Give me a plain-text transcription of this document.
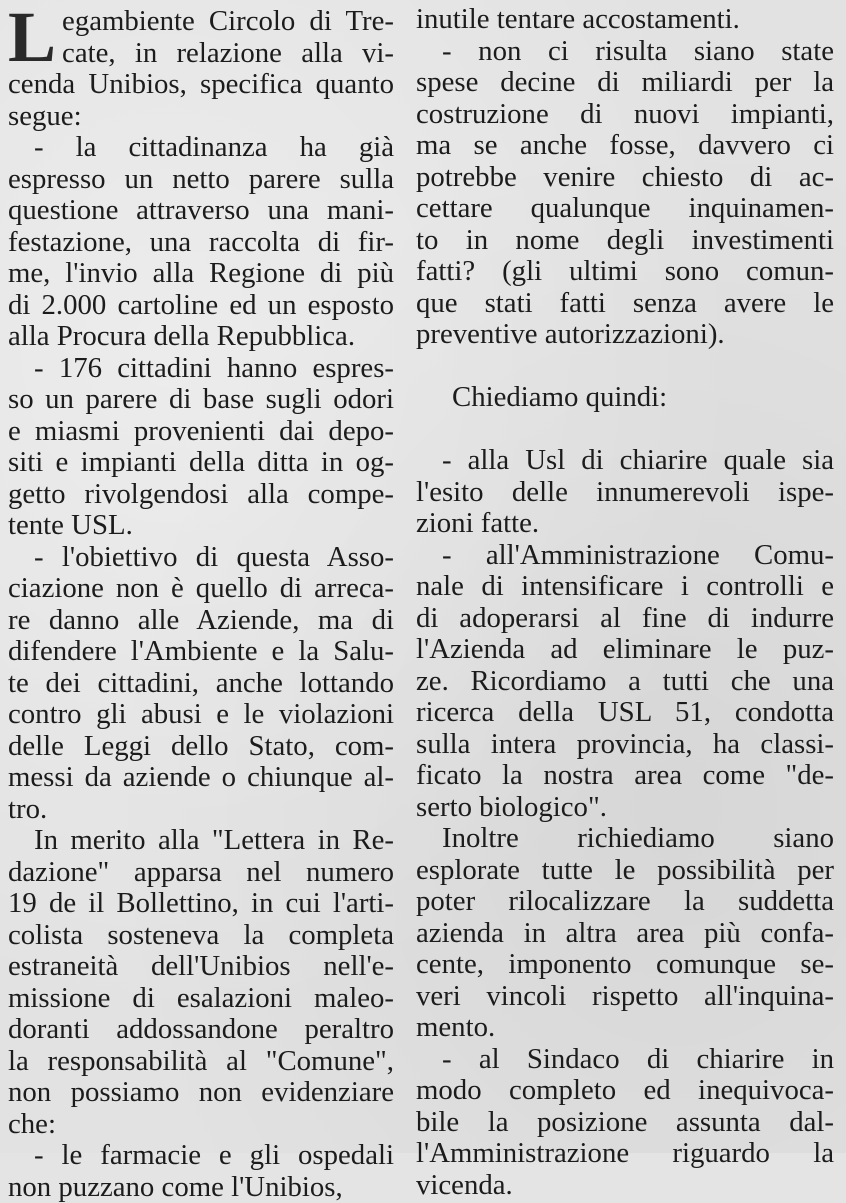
L egambiente Circolo di Tre-
cate, in relazione alla vi-
cenda Unibios, specifica quanto
segue:
- la cittadinanza ha già
espresso un netto parere sulla
questione attraverso una mani-
festazione, una raccolta di fir-
me, l'invio alla Regione di più
di 2.000 cartoline ed un esposto
alla Procura della Repubblica.
- 176 cittadini hanno espres-
so un parere di base sugli odori
e miasmi provenienti dai depo-
siti e impianti della ditta in og-
getto rivolgendosi alla compe-
tente USL.
- l'obiettivo di questa Asso-
ciazione non è quello di arreca-
re danno alle Aziende, ma di
difendere l'Ambiente e la Salu-
te dei cittadini, anche lottando
contro gli abusi e le violazioni
delle Leggi dello Stato, com-
messi da aziende o chiunque al-
tro.
In merito alla "Lettera in Re-
dazione" apparsa nel numero
19 de il Bollettino, in cui l'arti-
colista sosteneva la completa
estraneità dell'Unibios nell'e-
missione di esalazioni maleo-
doranti addossandone peraltro
la responsabilità al "Comune",
non possiamo non evidenziare
che:
- le farmacie e gli ospedali
non puzzano come l'Unibios,
inutile tentare accostamenti.
- non ci risulta siano state
spese decine di miliardi per la
costruzione di nuovi impianti,
ma se anche fosse, davvero ci
potrebbe venire chiesto di ac-
cettare qualunque inquinamen-
to in nome degli investimenti
fatti? (gli ultimi sono comun-
que stati fatti senza avere le
preventive autorizzazioni).
Chiediamo quindi:
- alla Usl di chiarire quale sia
l'esito delle innumerevoli ispe-
zioni fatte.
- all'Amministrazione Comu-
nale di intensificare i controlli e
di adoperarsi al fine di indurre
l'Azienda ad eliminare le puz-
ze. Ricordiamo a tutti che una
ricerca della USL 51, condotta
sulla intera provincia, ha classi-
ficato la nostra area come "de-
serto biologico".
Inoltre richiediamo siano
esplorate tutte le possibilità per
poter rilocalizzare la suddetta
azienda in altra area più confa-
cente, imponento comunque se-
veri vincoli rispetto all'inquina-
mento.
- al Sindaco di chiarire in
modo completo ed inequivoca-
bile la posizione assunta dal-
l'Amministrazione riguardo la
vicenda.
